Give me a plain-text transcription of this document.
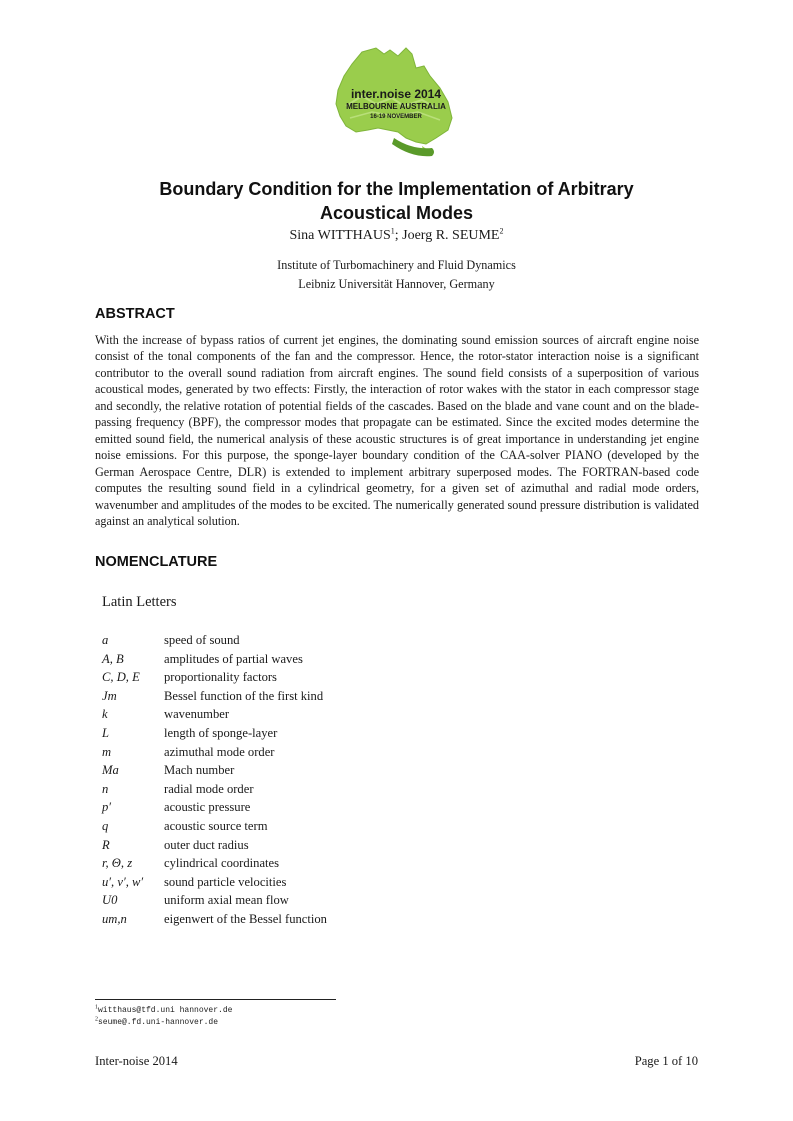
inter.noise 2014
MELBOURNE AUSTRALIA
16-19 NOVEMBER
Boundary Condition for the Implementation of Arbitrary
Acoustical Modes
Sina WITTHAUS$^1$; Joerg R. SEUME$^2$
Institute of Turbomachinery and Fluid Dynamics
Leibniz Universität Hannover, Germany
ABSTRACT
With the increase of bypass ratios of current jet engines, the dominating sound emission sources of aircraft engine noise consist of the tonal components of the fan and the compressor. Hence, the rotor-stator interaction noise is a significant contributor to the overall sound radiation from aircraft engines. The sound field consists of a superposition of various acoustical modes, generated by two effects: Firstly, the interaction of rotor wakes with the stator in each compressor stage and secondly, the relative rotation of potential fields of the cascades. Based on the blade and vane count and on the blade-passing frequency (BPF), the compressor modes that propagate can be estimated. Since the excited modes determine the emitted sound field, the numerical analysis of these acoustic structures is of great importance in understanding jet engine noise emissions. For this purpose, the sponge-layer boundary condition of the CAA-solver PIANO (developed by the German Aerospace Centre, DLR) is extended to implement arbitrary superposed modes. The FORTRAN-based code computes the resulting sound field in a cylindrical geometry, for a given set of azimuthal and radial mode orders, wavenumber and amplitudes of the modes to be excited. The numerically generated sound pressure distribution is validated against an analytical solution.
NOMENCLATURE
Latin Letters
a	speed of sound
A, B	amplitudes of partial waves
C, D, E proportionality factors
Jm	Bessel function of the first kind
k	wavenumber
L	length of sponge-layer
m	azimuthal mode order
Ma	Mach number
n	radial mode order
p′	acoustic pressure
q	acoustic source term
R	outer duct radius
r, Θ, z	cylindrical coordinates
u′, v′, w′ sound particle velocities
U0	uniform axial mean flow
um,n	eigenwert of the Bessel function
$^1$witthaus@tfd.uni hannover.de
$^2$seume@.fd.uni-hannover.de
Inter-noise 2014	Page 1 of 10
